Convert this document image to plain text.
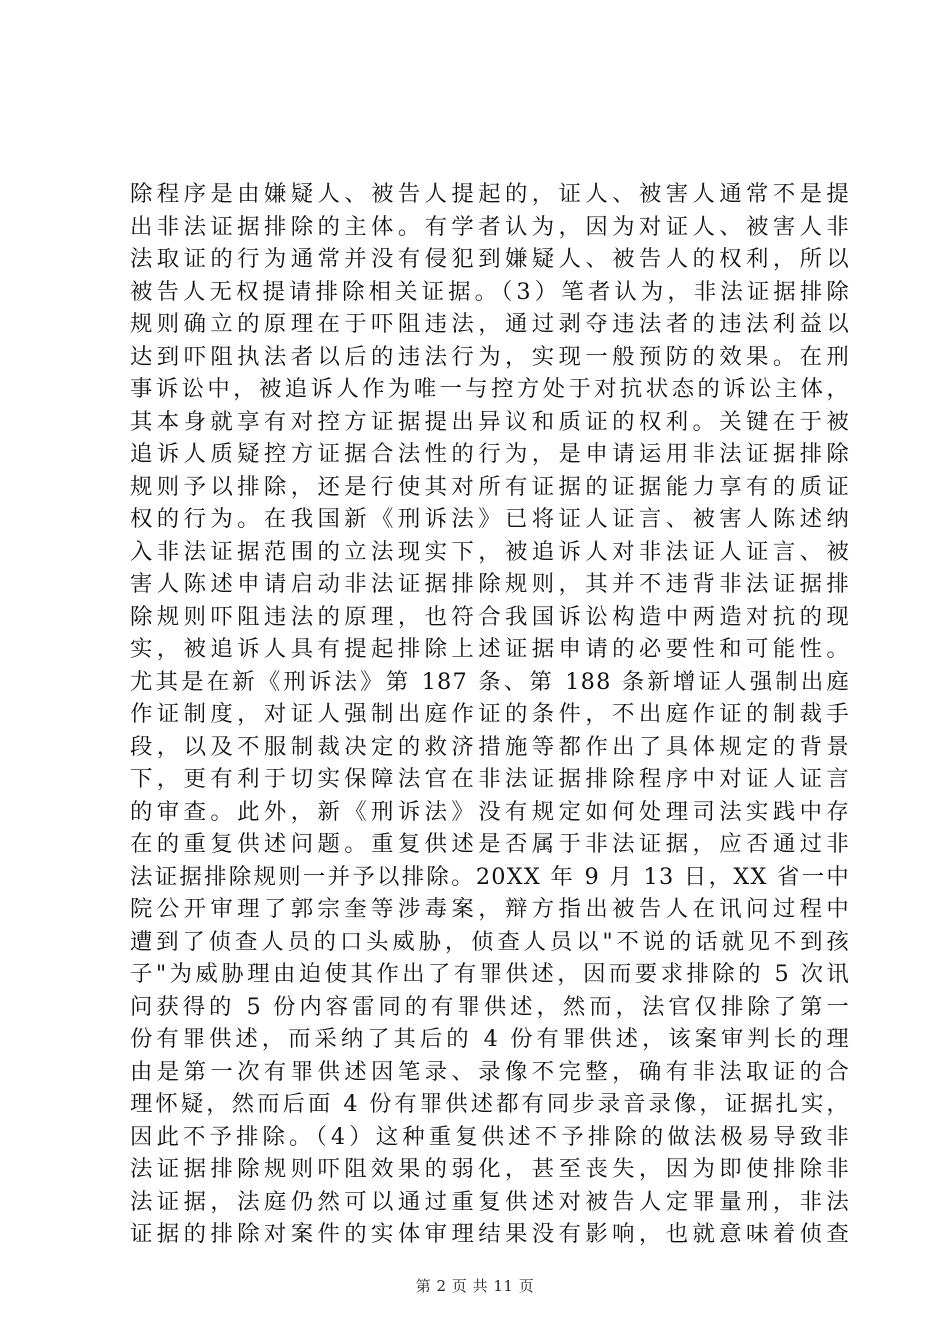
除程序是由嫌疑人、被告人提起的，证人、被害人通常不是提
出非法证据排除的主体。有学者认为，因为对证人、被害人非
法取证的行为通常并没有侵犯到嫌疑人、被告人的权利，所以
被告人无权提请排除相关证据。（3）笔者认为，非法证据排除
规则确立的原理在于吓阻违法，通过剥夺违法者的违法利益以
达到吓阻执法者以后的违法行为，实现一般预防的效果。在刑
事诉讼中，被追诉人作为唯一与控方处于对抗状态的诉讼主体，
其本身就享有对控方证据提出异议和质证的权利。关键在于被
追诉人质疑控方证据合法性的行为，是申请运用非法证据排除
规则予以排除，还是行使其对所有证据的证据能力享有的质证
权的行为。在我国新《刑诉法》已将证人证言、被害人陈述纳
入非法证据范围的立法现实下，被追诉人对非法证人证言、被
害人陈述申请启动非法证据排除规则，其并不违背非法证据排
除规则吓阻违法的原理，也符合我国诉讼构造中两造对抗的现
实，被追诉人具有提起排除上述证据申请的必要性和可能性。
尤其是在新《刑诉法》第 187 条、第 188 条新增证人强制出庭
作证制度，对证人强制出庭作证的条件，不出庭作证的制裁手
段，以及不服制裁决定的救济措施等都作出了具体规定的背景
下，更有利于切实保障法官在非法证据排除程序中对证人证言
的审查。此外，新《刑诉法》没有规定如何处理司法实践中存
在的重复供述问题。重复供述是否属于非法证据，应否通过非
法证据排除规则一并予以排除。20XX 年 9 月 13 日，XX 省一中
院公开审理了郭宗奎等涉毒案，辩方指出被告人在讯问过程中
遭到了侦查人员的口头威胁，侦查人员以"不说的话就见不到孩
子"为威胁理由迫使其作出了有罪供述，因而要求排除的 5 次讯
问获得的 5 份内容雷同的有罪供述，然而，法官仅排除了第一
份有罪供述，而采纳了其后的 4 份有罪供述，该案审判长的理
由是第一次有罪供述因笔录、录像不完整，确有非法取证的合
理怀疑，然而后面 4 份有罪供述都有同步录音录像，证据扎实，
因此不予排除。（4）这种重复供述不予排除的做法极易导致非
法证据排除规则吓阻效果的弱化，甚至丧失，因为即使排除非
法证据，法庭仍然可以通过重复供述对被告人定罪量刑，非法
证据的排除对案件的实体审理结果没有影响，也就意味着侦查
第 2 页 共 11 页
